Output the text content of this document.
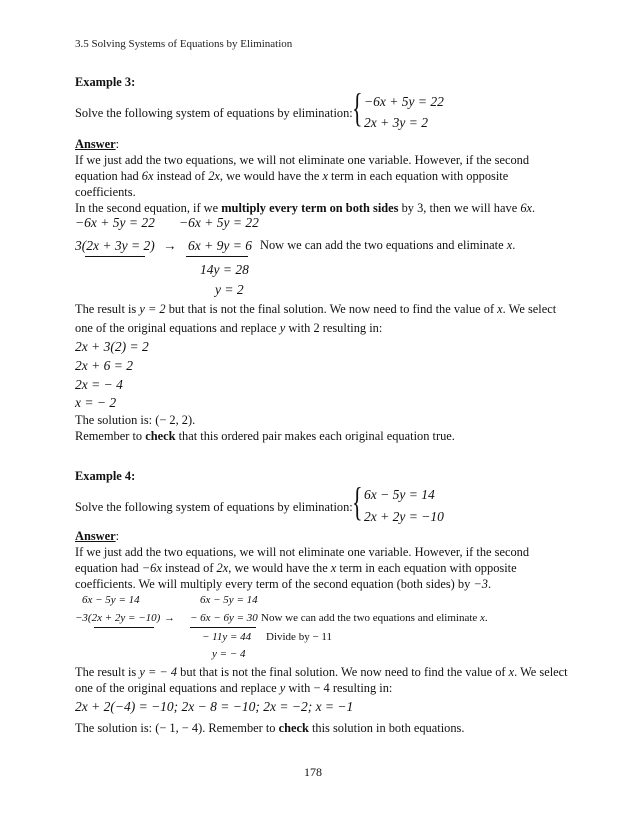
3.5 Solving Systems of Equations by Elimination
Example 3:
Solve the following system of equations by elimination: { −6x + 5y = 22
2x + 3y = 2
Answer:
If we just add the two equations, we will not eliminate one variable. However, if the second
equation had 6x instead of 2x, we would have the x term in each equation with opposite
coefficients.
In the second equation, if we multiply every term on both sides by 3, then we will have 6x.
−6x + 5y = 22 −6x + 5y = 22
3(2x + 3y = 2) → 6x + 9y = 6 Now we can add the two equations and eliminate x.
14y = 28
y = 2
The result is y = 2 but that is not the final solution. We now need to find the value of x. We select
one of the original equations and replace y with 2 resulting in:
2x + 3(2) = 2
2x + 6 = 2
2x = − 4
x = − 2
The solution is: (− 2, 2).
Remember to check that this ordered pair makes each original equation true.
Example 4:
Solve the following system of equations by elimination: { 6x − 5y = 14
2x + 2y = −10
Answer:
If we just add the two equations, we will not eliminate one variable. However, if the second
equation had −6x instead of 2x, we would have the x term in each equation with opposite
coefficients. We will multiply every term of the second equation (both sides) by −3.
6x − 5y = 14	6x − 5y = 14
−3(2x + 2y = −10) → − 6x − 6y = 30 Now we can add the two equations and eliminate x.
− 11y = 44 Divide by − 11
y = − 4
The result is y = − 4 but that is not the final solution. We now need to find the value of x. We select
one of the original equations and replace y with − 4 resulting in:
2x + 2(−4) = −10; 2x − 8 = −10; 2x = −2; x = −1
The solution is: (− 1, − 4). Remember to check this solution in both equations.
178
